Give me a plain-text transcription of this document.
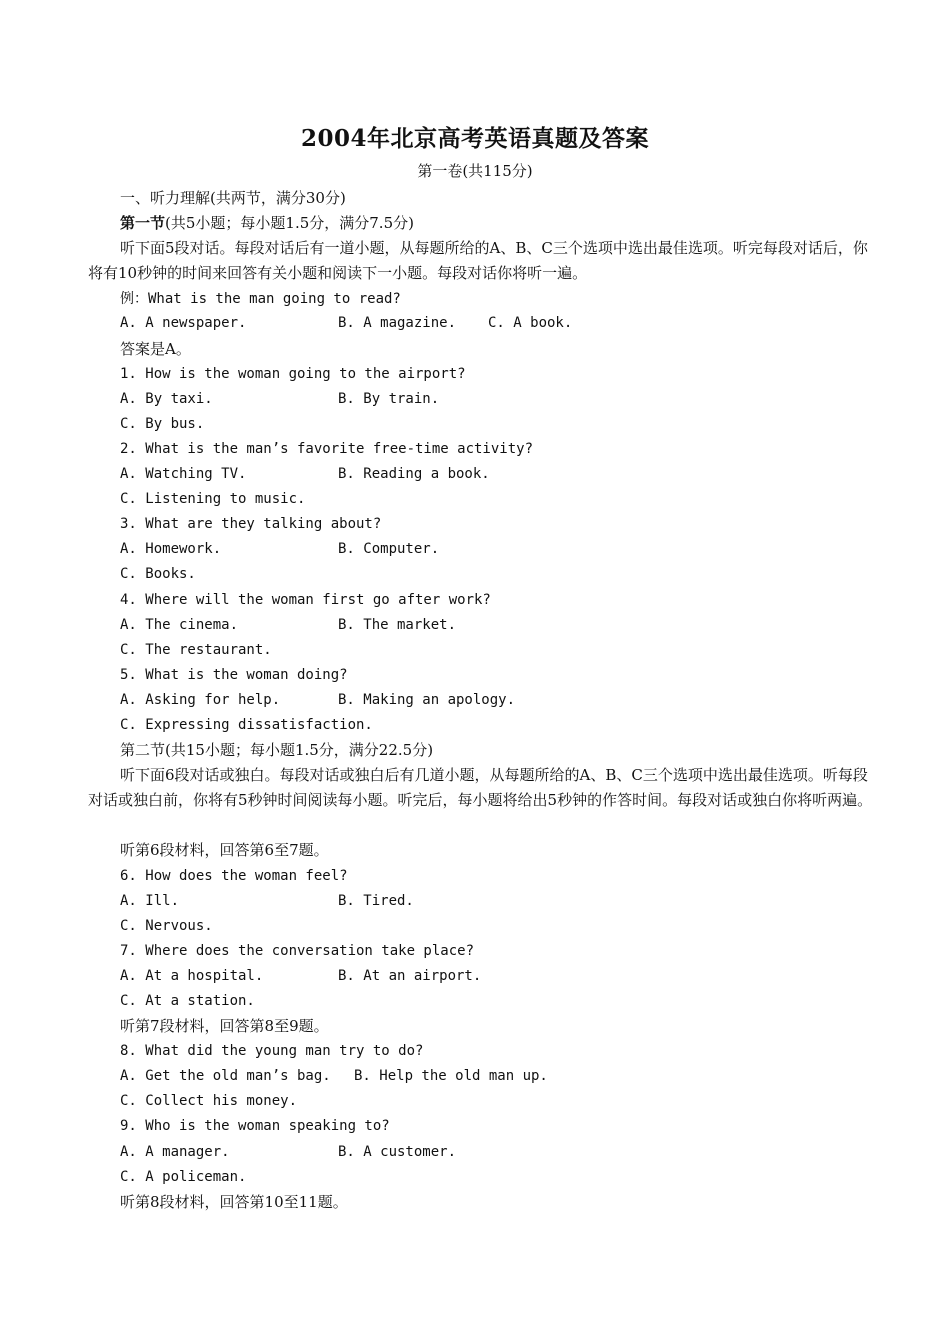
2004年北京高考英语真题及答案
第一卷(共115分)
一、听力理解(共两节，满分30分)
第一节(共5小题；每小题1.5分，满分7.5分)
听下面5段对话。每段对话后有一道小题，从每题所给的A、B、C三个选项中选出最佳选项。听完每段对话后，你将有10秒钟的时间来回答有关小题和阅读下一小题。每段对话你将听一遍。
例：What is the man going to read?
A. A newspaper.	B. A magazine. C. A book.
答案是A。
1. How is the woman going to the airport?
A. By taxi.	B. By train.
C. By bus.
2. What is the man’s favorite free-time activity?
A. Watching TV.	B. Reading a book.
C. Listening to music.
3. What are they talking about?
A. Homework.	B. Computer.
C. Books.
4. Where will the woman first go after work?
A. The cinema.	B. The market.
C. The restaurant.
5. What is the woman doing?
A. Asking for help.	B. Making an apology.
C. Expressing dissatisfaction.
第二节(共15小题；每小题1.5分，满分22.5分)
听下面6段对话或独白。每段对话或独白后有几道小题，从每题所给的A、B、C三个选项中选出最佳选项。听每段对话或独白前，你将有5秒钟时间阅读每小题。听完后，每小题将给出5秒钟的作答时间。每段对话或独白你将听两遍。
听第6段材料，回答第6至7题。
6. How does the woman feel?
A. Ill.	B. Tired.
C. Nervous.
7. Where does the conversation take place?
A. At a hospital.	B. At an airport.
C. At a station.
听第7段材料，回答第8至9题。
8. What did the young man try to do?
A. Get the old man’s bag. B. Help the old man up.
C. Collect his money.
9. Who is the woman speaking to?
A. A manager.	B. A customer.
C. A policeman.
听第8段材料，回答第10至11题。
